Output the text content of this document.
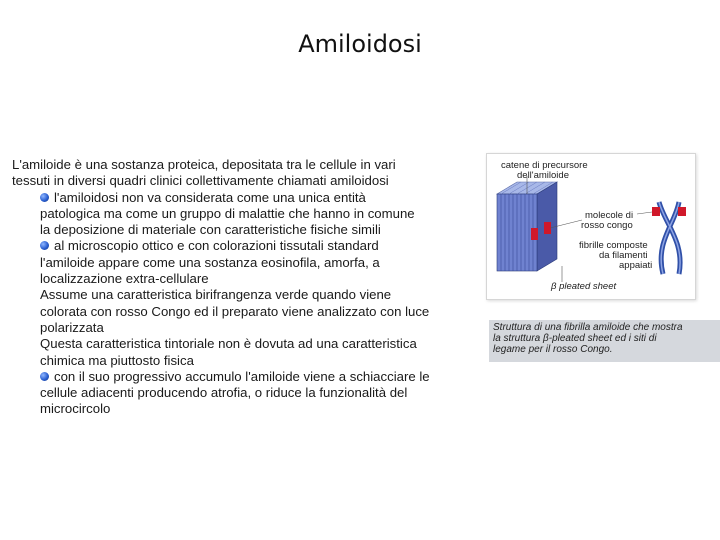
Amiloidosi

L'amiloide è una sostanza proteica, depositata tra le cellule in vari

tessuti in diversi quadri clinici collettivamente chiamati amiloidosi

l'amiloidosi non va considerata come una unica entità
patologica ma come un gruppo di malattie che hanno in comune
la deposizione di materiale con caratteristiche fisiche simili
al microscopio ottico e con colorazioni tissutali standard
l'amiloide appare come una sostanza eosinofila, amorfa, a
localizzazione extra-cellulare
Assume una caratteristica birifrangenza verde quando viene
colorata con rosso Congo ed il preparato viene analizzato con luce
polarizzata
Questa caratteristica tintoriale non è dovuta ad una caratteristica
chimica ma piuttosto fisica
con il suo progressivo accumulo l'amiloide viene a schiacciare le
cellule adiacenti producendo atrofia, o riduce la funzionalità del
microcircolo
catene di precursore
dell'amiloide
molecole di
rosso congo
fibrille composte
da filamenti
appaiati
β pleated sheet
Struttura di una fibrilla amiloide che mostra
la struttura β-pleated sheet ed i siti di
legame per il rosso Congo.
